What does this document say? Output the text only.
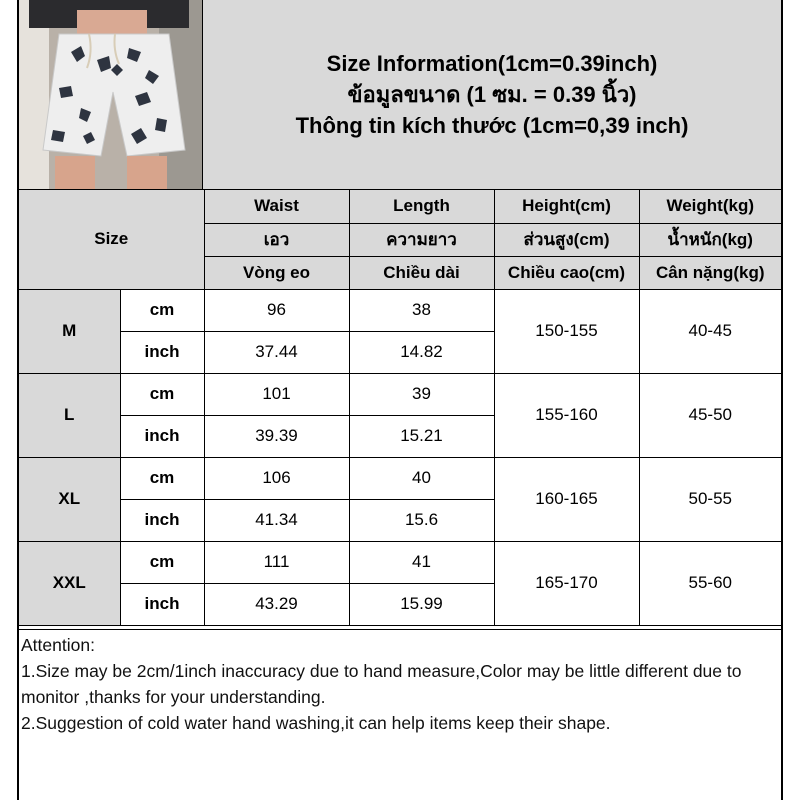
Size Information(1cm=0.39inch)
ข้อมูลขนาด (1 ซม. = 0.39 นิ้ว)
Thông tin kích thước (1cm=0,39 inch)
Size		Waist	Length	Height(cm)	Weight(kg)
		เอว	ความยาว	ส่วนสูง(cm)	น้ำหนัก(kg)
		Vòng eo	Chiều dài	Chiều cao(cm)	Cân nặng(kg)
M	cm	96	38	150-155	40-45
	inch	37.44	14.82		
L	cm	101	39	155-160	45-50
	inch	39.39	15.21		
XL	cm	106	40	160-165	50-55
	inch	41.34	15.6		
XXL	cm	111	41	165-170	55-60
	inch	43.29	15.99		

Attention:

1.Size may be 2cm/1inch inaccuracy due to hand measure,Color may be little different due to monitor ,thanks for your understanding.

2.Suggestion of cold water hand washing,it can help items keep their shape.
